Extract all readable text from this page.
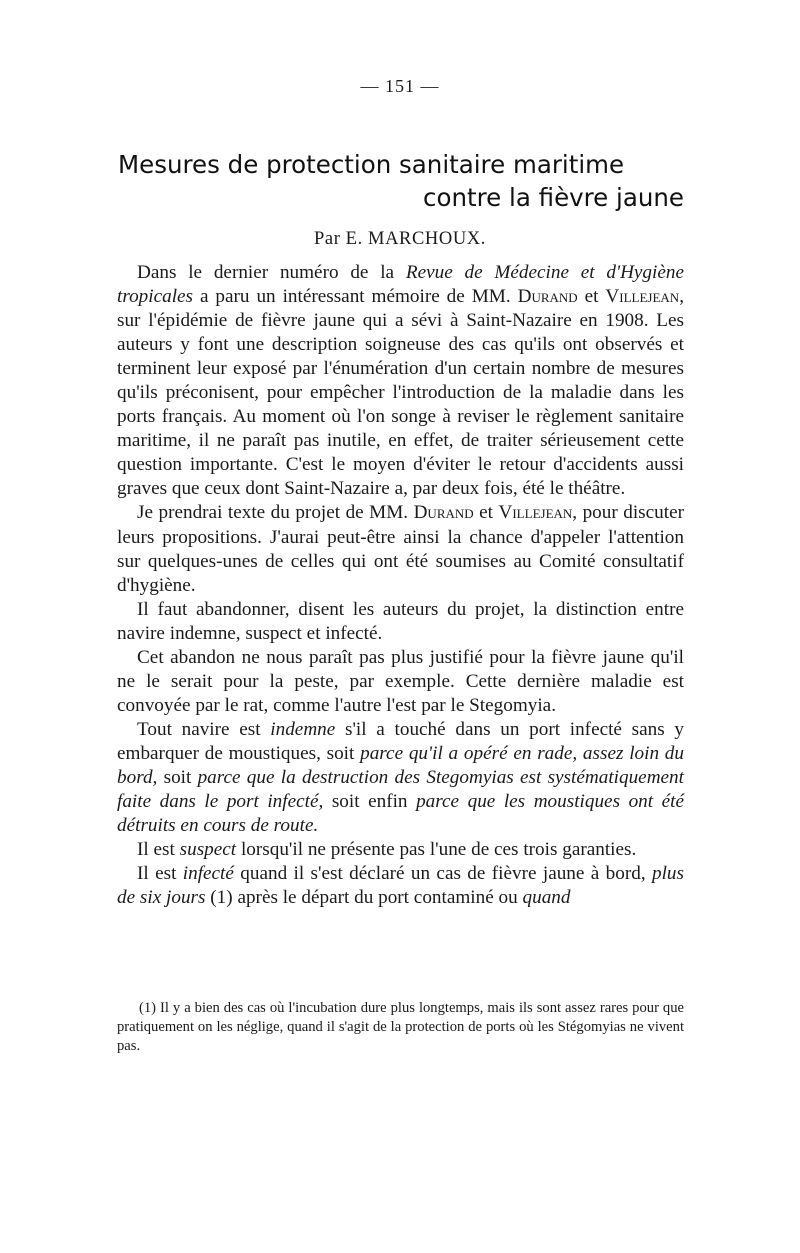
— 151 —
Mesures de protection sanitaire maritime
contre la fièvre jaune
Par E. MARCHOUX.

Dans le dernier numéro de la Revue de Médecine et d'Hygiène tropicales a paru un intéressant mémoire de MM. Durand et Villejean, sur l'épidémie de fièvre jaune qui a sévi à Saint-Nazaire en 1908. Les auteurs y font une description soigneuse des cas qu'ils ont observés et terminent leur exposé par l'énumération d'un certain nombre de mesures qu'ils préconisent, pour empêcher l'introduction de la maladie dans les ports français. Au moment où l'on songe à reviser le règlement sanitaire maritime, il ne paraît pas inutile, en effet, de traiter sérieusement cette question importante. C'est le moyen d'éviter le retour d'accidents aussi graves que ceux dont Saint-Nazaire a, par deux fois, été le théâtre.

Je prendrai texte du projet de MM. Durand et Villejean, pour discuter leurs propositions. J'aurai peut-être ainsi la chance d'appeler l'attention sur quelques-unes de celles qui ont été soumises au Comité consultatif d'hygiène.

Il faut abandonner, disent les auteurs du projet, la distinction entre navire indemne, suspect et infecté.

Cet abandon ne nous paraît pas plus justifié pour la fièvre jaune qu'il ne le serait pour la peste, par exemple. Cette dernière maladie est convoyée par le rat, comme l'autre l'est par le Stegomyia.

Tout navire est indemne s'il a touché dans un port infecté sans y embarquer de moustiques, soit parce qu'il a opéré en rade, assez loin du bord, soit parce que la destruction des Stegomyias est systématiquement faite dans le port infecté, soit enfin parce que les moustiques ont été détruits en cours de route.

Il est suspect lorsqu'il ne présente pas l'une de ces trois garanties.

Il est infecté quand il s'est déclaré un cas de fièvre jaune à bord, plus de six jours (1) après le départ du port contaminé ou quand

(1) Il y a bien des cas où l'incubation dure plus longtemps, mais ils sont assez rares pour que pratiquement on les néglige, quand il s'agit de la protection de ports où les Stégomyias ne vivent pas.
